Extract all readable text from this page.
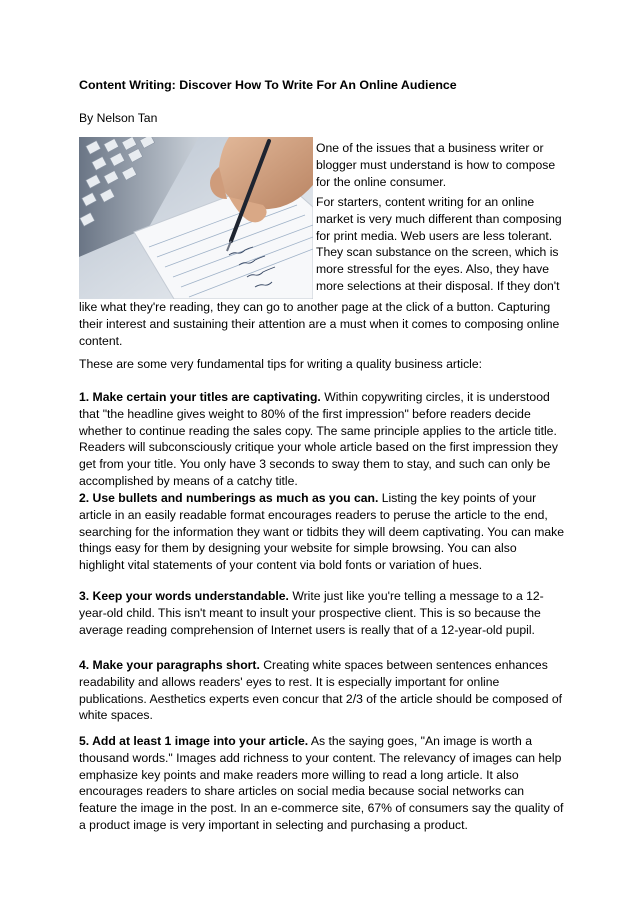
Content Writing: Discover How To Write For An Online Audience

By Nelson Tan

One of the issues that a business writer or blogger must understand is how to compose for the online consumer.

For starters, content writing for an online market is very much different than composing for print media. Web users are less tolerant. They scan substance on the screen, which is more stressful for the eyes. Also, they have more selections at their disposal. If they don't

like what they're reading, they can go to another page at the click of a button. Capturing their interest and sustaining their attention are a must when it comes to composing online content.

These are some very fundamental tips for writing a quality business article:

1. Make certain your titles are captivating. Within copywriting circles, it is understood that "the headline gives weight to 80% of the first impression" before readers decide whether to continue reading the sales copy. The same principle applies to the article title. Readers will subconsciously critique your whole article based on the first impression they get from your title. You only have 3 seconds to sway them to stay, and such can only be accomplished by means of a catchy title.

2. Use bullets and numberings as much as you can. Listing the key points of your article in an easily readable format encourages readers to peruse the article to the end, searching for the information they want or tidbits they will deem captivating. You can make things easy for them by designing your website for simple browsing. You can also highlight vital statements of your content via bold fonts or variation of hues.

3. Keep your words understandable. Write just like you're telling a message to a 12-year-old child. This isn't meant to insult your prospective client. This is so because the average reading comprehension of Internet users is really that of a 12-year-old pupil.

4. Make your paragraphs short. Creating white spaces between sentences enhances readability and allows readers' eyes to rest. It is especially important for online publications. Aesthetics experts even concur that 2/3 of the article should be composed of white spaces.

5. Add at least 1 image into your article. As the saying goes, "An image is worth a thousand words." Images add richness to your content. The relevancy of images can help emphasize key points and make readers more willing to read a long article. It also encourages readers to share articles on social media because social networks can feature the image in the post. In an e-commerce site, 67% of consumers say the quality of a product image is very important in selecting and purchasing a product.
